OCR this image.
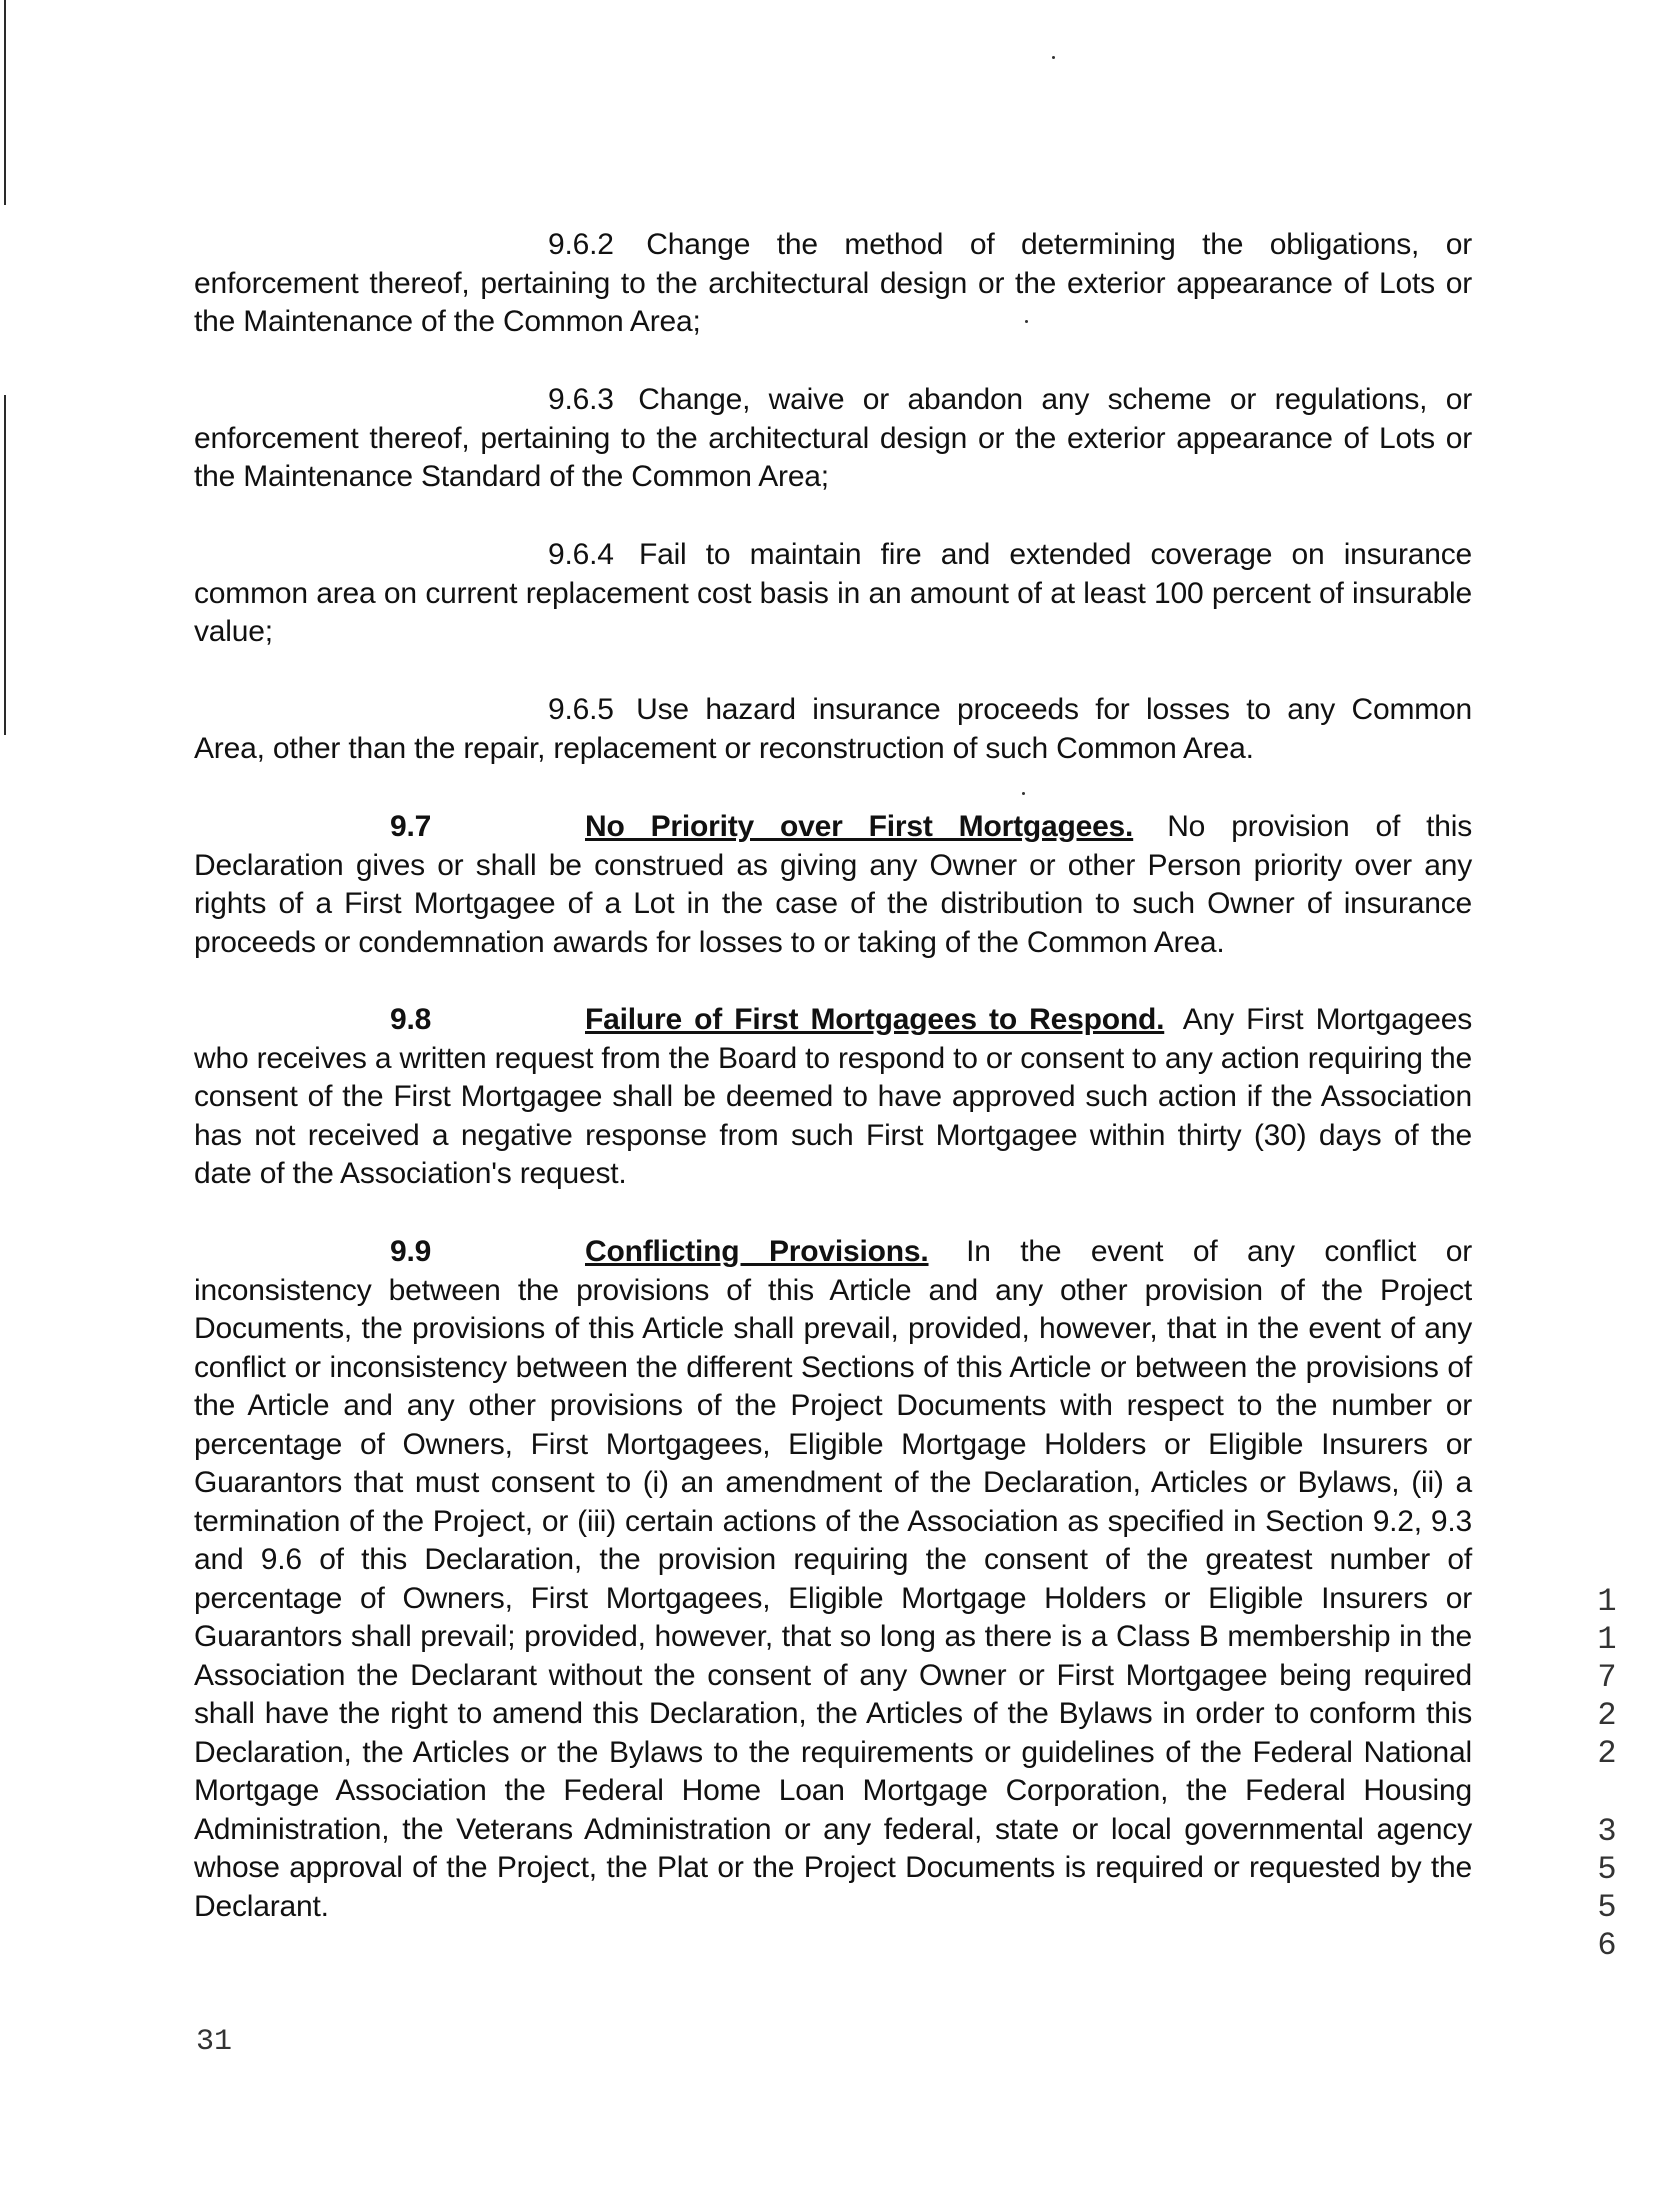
9.6.2 Change the method of determining the obligations, or enforcement thereof, pertaining to the architectural design or the exterior appearance of Lots or the Maintenance of the Common Area;
9.6.3 Change, waive or abandon any scheme or regulations, or enforcement thereof, pertaining to the architectural design or the exterior appearance of Lots or the Maintenance Standard of the Common Area;
9.6.4 Fail to maintain fire and extended coverage on insurance common area on current replacement cost basis in an amount of at least 100 percent of insurable value;
9.6.5 Use hazard insurance proceeds for losses to any Common Area, other than the repair, replacement or reconstruction of such Common Area.
9.7	No Priority over First Mortgagees. No provision of this Declaration gives or shall be construed as giving any Owner or other Person priority over any rights of a First Mortgagee of a Lot in the case of the distribution to such Owner of insurance proceeds or condemnation awards for losses to or taking of the Common Area.
9.8	Failure of First Mortgagees to Respond. Any First Mortgagees who receives a written request from the Board to respond to or consent to any action requiring the consent of the First Mortgagee shall be deemed to have approved such action if the Association has not received a negative response from such First Mortgagee within thirty (30) days of the date of the Association's request.
9.9	Conflicting Provisions. In the event of any conflict or inconsistency between the provisions of this Article and any other provision of the Project Documents, the provisions of this Article shall prevail, provided, however, that in the event of any conflict or inconsistency between the different Sections of this Article or between the provisions of the Article and any other provisions of the Project Documents with respect to the number or percentage of Owners, First Mortgagees, Eligible Mortgage Holders or Eligible Insurers or Guarantors that must consent to (i) an amendment of the Declaration, Articles or Bylaws, (ii) a termination of the Project, or (iii) certain actions of the Association as specified in Section 9.2, 9.3 and 9.6 of this Declaration, the provision requiring the consent of the greatest number of percentage of Owners, First Mortgagees, Eligible Mortgage Holders or Eligible Insurers or Guarantors shall prevail; provided, however, that so long as there is a Class B membership in the Association the Declarant without the consent of any Owner or First Mortgagee being required shall have the right to amend this Declaration, the Articles of the Bylaws in order to conform this Declaration, the Articles or the Bylaws to the requirements or guidelines of the Federal National Mortgage Association the Federal Home Loan Mortgage Corporation, the Federal Housing Administration, the Veterans Administration or any federal, state or local governmental agency whose approval of the Project, the Plat or the Project Documents is required or requested by the Declarant.
31
1
1
7
2
2
3
5
5
6
